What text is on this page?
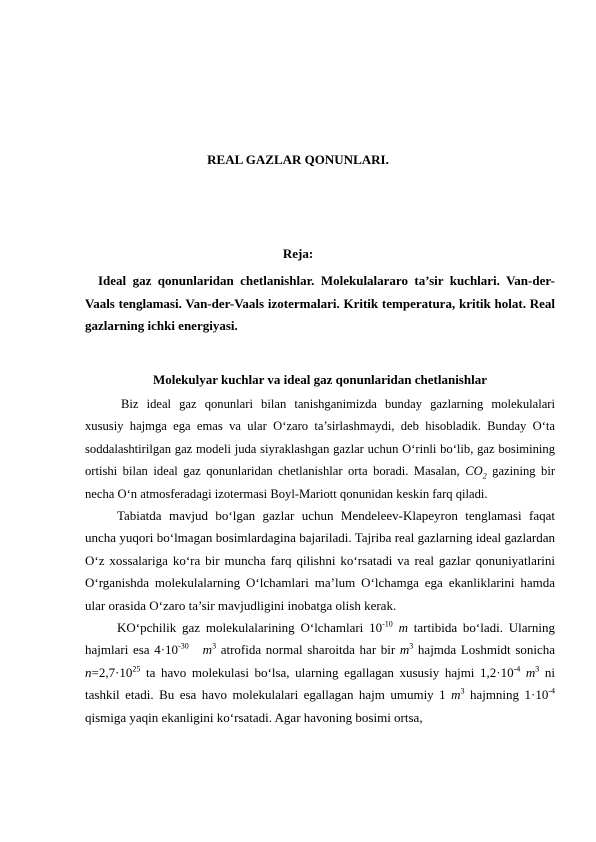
REAL GAZLAR QONUNLARI.
Reja:
Ideal gaz qonunlaridan chetlanishlar. Molekulalararo ta’sir kuchlari. Van-der-Vaals tenglamasi. Van-der-Vaals izotermalari. Kritik temperatura, kritik holat. Real gazlarning ichki energiyasi.
Molekulyar kuchlar va ideal gaz qonunlaridan chetlanishlar

Biz ideal gaz qonunlari bilan tanishganimizda bunday gazlarning molekulalari xususiy hajmga ega emas va ular O‘zaro ta’sirlashmaydi, deb hisobladik. Bunday O‘ta soddalashtirilgan gaz modeli juda siyraklashgan gazlar uchun O‘rinli bo‘lib, gaz bosimining ortishi bilan ideal gaz qonunlaridan chetlanishlar orta boradi. Masalan, $CO_2$ gazining bir necha O‘n atmosferadagi izotermasi Boyl-Mariott qonunidan keskin farq qiladi.

Tabiatda mavjud bo‘lgan gazlar uchun Mendeleev-Klapeyron tenglamasi faqat uncha yuqori bo‘lmagan bosimlardagina bajariladi. Tajriba real gazlarning ideal gazlardan O‘z xossalariga ko‘ra bir muncha farq qilishni ko‘rsatadi va real gazlar qonuniyatlarini O‘rganishda molekulalarning O‘lchamlari ma’lum O‘lchamga ega ekanliklarini hamda ular orasida O‘zaro ta’sir mavjudligini inobatga olish kerak.

KO‘pchilik gaz molekulalarining O‘lchamlari $10^{-10}$ m tartibida bo‘ladi. Ularning hajmlari esa $4\cdot 10^{-30}$ $m^3$ atrofida normal sharoitda har bir $m^3$ hajmda Loshmidt sonicha $n=2,7\cdot 10^{25}$ ta havo molekulasi bo‘lsa, ularning egallagan xususiy hajmi $1,2\cdot 10^{-4}$ $m^3$ ni tashkil etadi. Bu esa havo molekulalari egallagan hajm umumiy 1 $m^3$ hajmning $1\cdot 10^{-4}$ qismiga yaqin ekanligini ko‘rsatadi. Agar havoning bosimi ortsa,
